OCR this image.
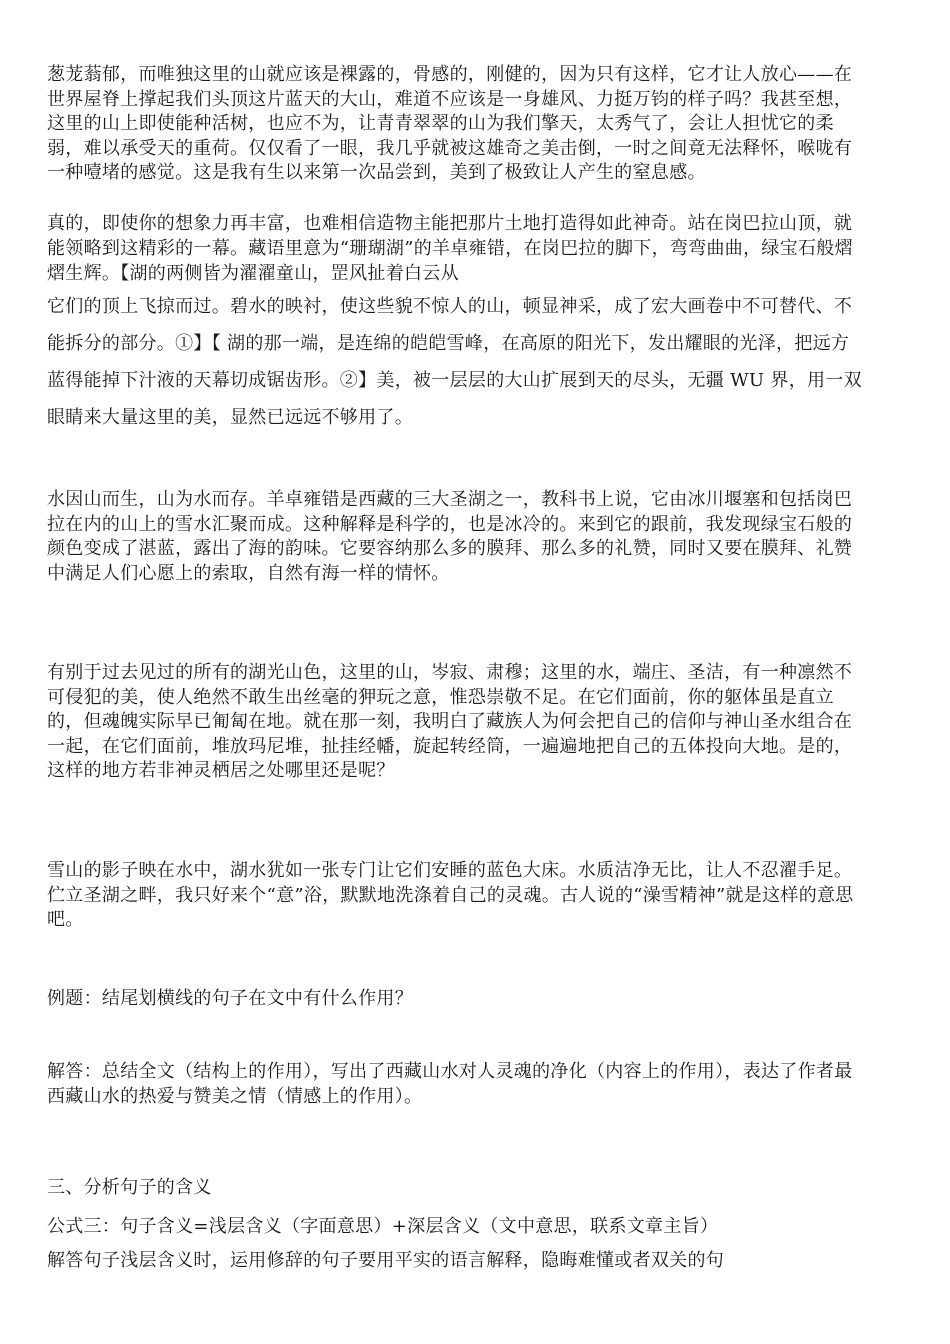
葱茏蓊郁，而唯独这里的山就应该是裸露的，骨感的，刚健的，因为只有这样，它才让人放心——在世界屋脊上撑起我们头顶这片蓝天的大山，难道不应该是一身雄风、力挺万钧的样子吗？我甚至想，这里的山上即使能种活树，也应不为，让青青翠翠的山为我们擎天，太秀气了，会让人担忧它的柔弱，难以承受天的重荷。仅仅看了一眼，我几乎就被这雄奇之美击倒，一时之间竟无法释怀，喉咙有一种噎堵的感觉。这是我有生以来第一次品尝到，美到了极致让人产生的窒息感。

真的，即使你的想象力再丰富，也难相信造物主能把那片土地打造得如此神奇。站在岗巴拉山顶，就能领略到这精彩的一幕。藏语里意为“珊瑚湖”的羊卓雍错，在岗巴拉的脚下，弯弯曲曲，绿宝石般熠熠生辉。【湖的两侧皆为濯濯童山，罡风扯着白云从

它们的顶上飞掠而过。碧水的映衬，使这些貌不惊人的山，顿显神采，成了宏大画卷中不可替代、不能拆分的部分。①】【 湖的那一端，是连绵的皑皑雪峰，在高原的阳光下，发出耀眼的光泽，把远方蓝得能掉下汁液的天幕切成锯齿形。②】美，被一层层的大山扩展到天的尽头，无疆 WU 界，用一双眼睛来大量这里的美，显然已远远不够用了。

水因山而生，山为水而存。羊卓雍错是西藏的三大圣湖之一，教科书上说，它由冰川堰塞和包括岗巴拉在内的山上的雪水汇聚而成。这种解释是科学的，也是冰冷的。来到它的跟前，我发现绿宝石般的颜色变成了湛蓝，露出了海的韵味。它要容纳那么多的膜拜、那么多的礼赞，同时又要在膜拜、礼赞中满足人们心愿上的索取，自然有海一样的情怀。

有别于过去见过的所有的湖光山色，这里的山，岑寂、肃穆；这里的水，端庄、圣洁，有一种凛然不可侵犯的美，使人绝然不敢生出丝毫的狎玩之意，惟恐崇敬不足。在它们面前，你的躯体虽是直立的，但魂魄实际早已匍匐在地。就在那一刻，我明白了藏族人为何会把自己的信仰与神山圣水组合在一起，在它们面前，堆放玛尼堆，扯挂经幡，旋起转经筒，一遍遍地把自己的五体投向大地。是的，这样的地方若非神灵栖居之处哪里还是呢？

雪山的影子映在水中，湖水犹如一张专门让它们安睡的蓝色大床。水质洁净无比，让人不忍濯手足。伫立圣湖之畔，我只好来个“意”浴，默默地洗涤着自己的灵魂。古人说的“澡雪精神”就是这样的意思吧。

例题：结尾划横线的句子在文中有什么作用？

解答：总结全文（结构上的作用），写出了西藏山水对人灵魂的净化（内容上的作用），表达了作者最西藏山水的热爱与赞美之情（情感上的作用）。

三、分析句子的含义

公式三：句子含义=浅层含义（字面意思）+深层含义（文中意思，联系文章主旨）

解答句子浅层含义时，运用修辞的句子要用平实的语言解释，隐晦难懂或者双关的句
